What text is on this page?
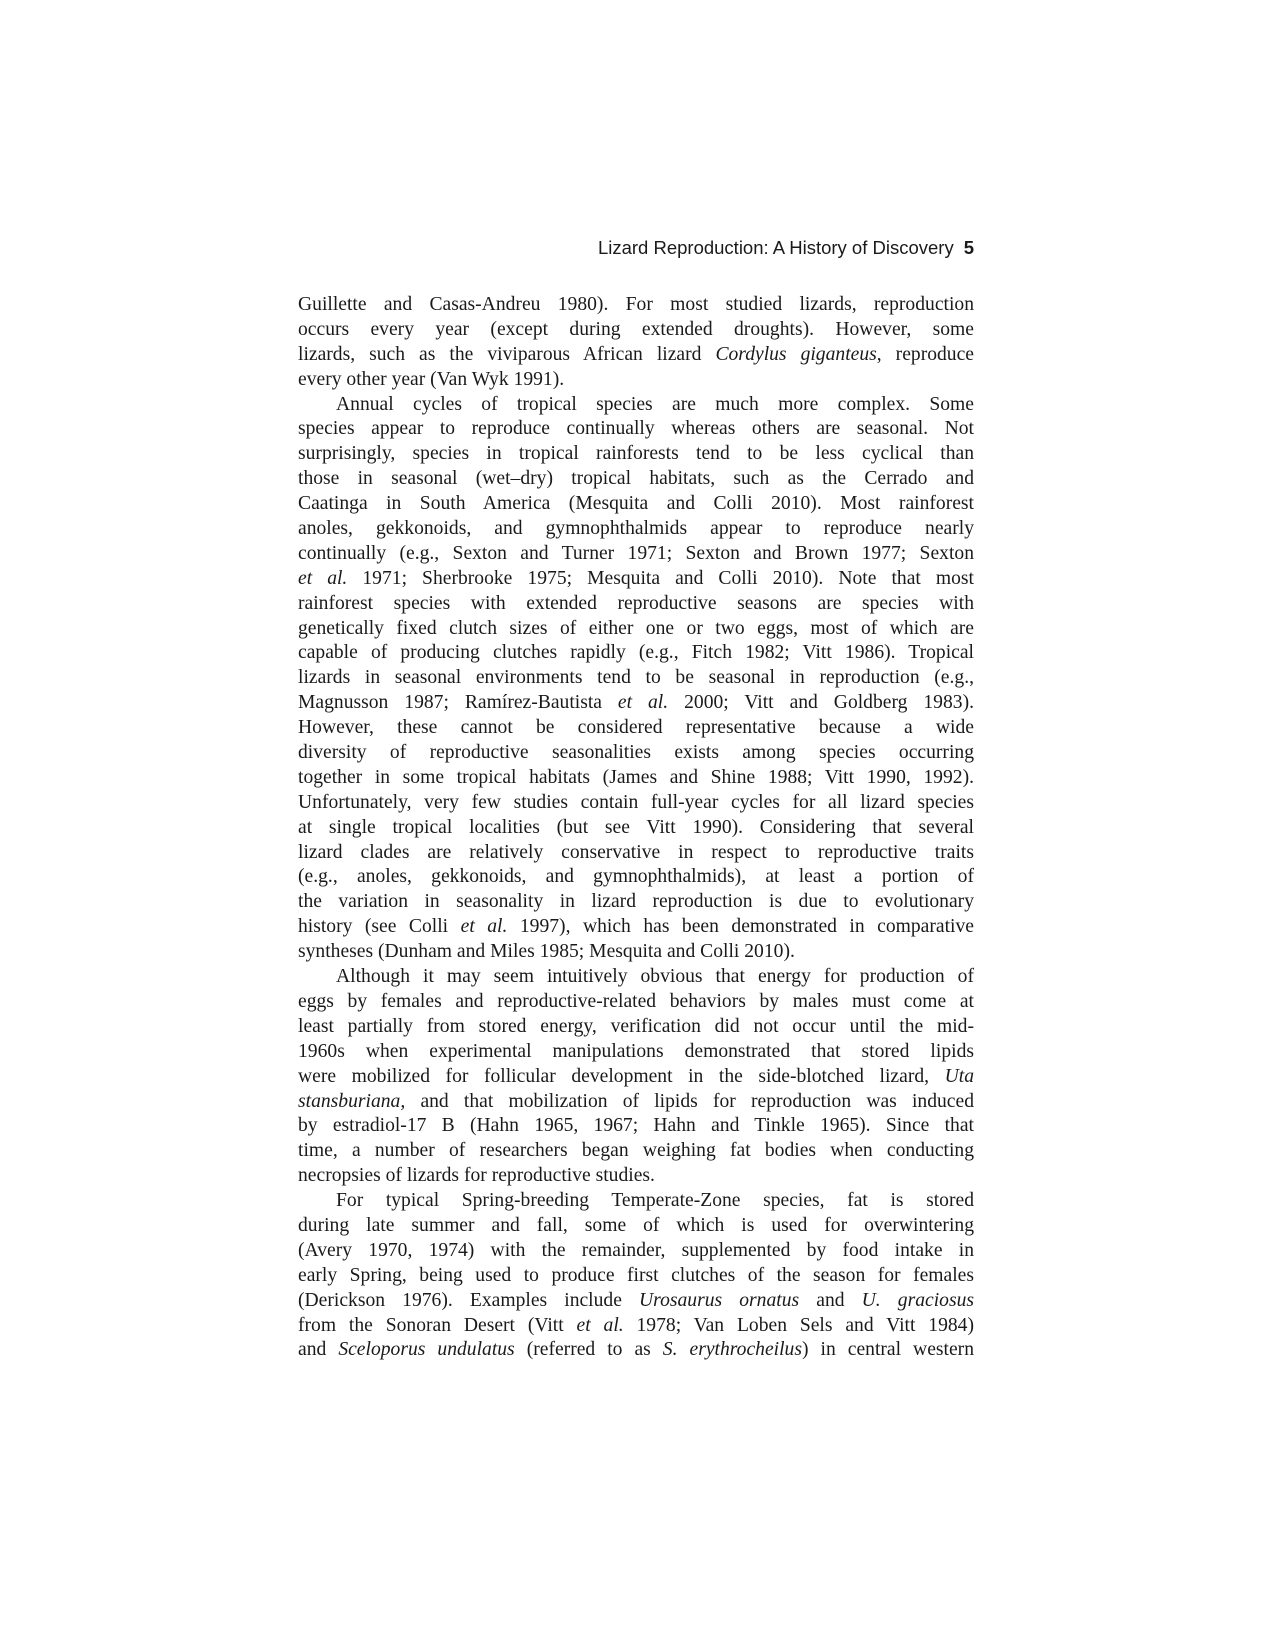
Lizard Reproduction: A History of Discovery 5
Guillette and Casas-Andreu 1980). For most studied lizards, reproduction
occurs every year (except during extended droughts). However, some
lizards, such as the viviparous African lizard Cordylus giganteus, reproduce
every other year (Van Wyk 1991).
Annual cycles of tropical species are much more complex. Some
species appear to reproduce continually whereas others are seasonal. Not
surprisingly, species in tropical rainforests tend to be less cyclical than
those in seasonal (wet–dry) tropical habitats, such as the Cerrado and
Caatinga in South America (Mesquita and Colli 2010). Most rainforest
anoles, gekkonoids, and gymnophthalmids appear to reproduce nearly
continually (e.g., Sexton and Turner 1971; Sexton and Brown 1977; Sexton
et al. 1971; Sherbrooke 1975; Mesquita and Colli 2010). Note that most
rainforest species with extended reproductive seasons are species with
genetically fixed clutch sizes of either one or two eggs, most of which are
capable of producing clutches rapidly (e.g., Fitch 1982; Vitt 1986). Tropical
lizards in seasonal environments tend to be seasonal in reproduction (e.g.,
Magnusson 1987; Ramírez-Bautista et al. 2000; Vitt and Goldberg 1983).
However, these cannot be considered representative because a wide
diversity of reproductive seasonalities exists among species occurring
together in some tropical habitats (James and Shine 1988; Vitt 1990, 1992).
Unfortunately, very few studies contain full-year cycles for all lizard species
at single tropical localities (but see Vitt 1990). Considering that several
lizard clades are relatively conservative in respect to reproductive traits
(e.g., anoles, gekkonoids, and gymnophthalmids), at least a portion of
the variation in seasonality in lizard reproduction is due to evolutionary
history (see Colli et al. 1997), which has been demonstrated in comparative
syntheses (Dunham and Miles 1985; Mesquita and Colli 2010).
Although it may seem intuitively obvious that energy for production of
eggs by females and reproductive-related behaviors by males must come at
least partially from stored energy, verification did not occur until the mid-
1960s when experimental manipulations demonstrated that stored lipids
were mobilized for follicular development in the side-blotched lizard, Uta
stansburiana, and that mobilization of lipids for reproduction was induced
by estradiol-17 B (Hahn 1965, 1967; Hahn and Tinkle 1965). Since that
time, a number of researchers began weighing fat bodies when conducting
necropsies of lizards for reproductive studies.
For typical Spring-breeding Temperate-Zone species, fat is stored
during late summer and fall, some of which is used for overwintering
(Avery 1970, 1974) with the remainder, supplemented by food intake in
early Spring, being used to produce first clutches of the season for females
(Derickson 1976). Examples include Urosaurus ornatus and U. graciosus
from the Sonoran Desert (Vitt et al. 1978; Van Loben Sels and Vitt 1984)
and Sceloporus undulatus (referred to as S. erythrocheilus) in central western
